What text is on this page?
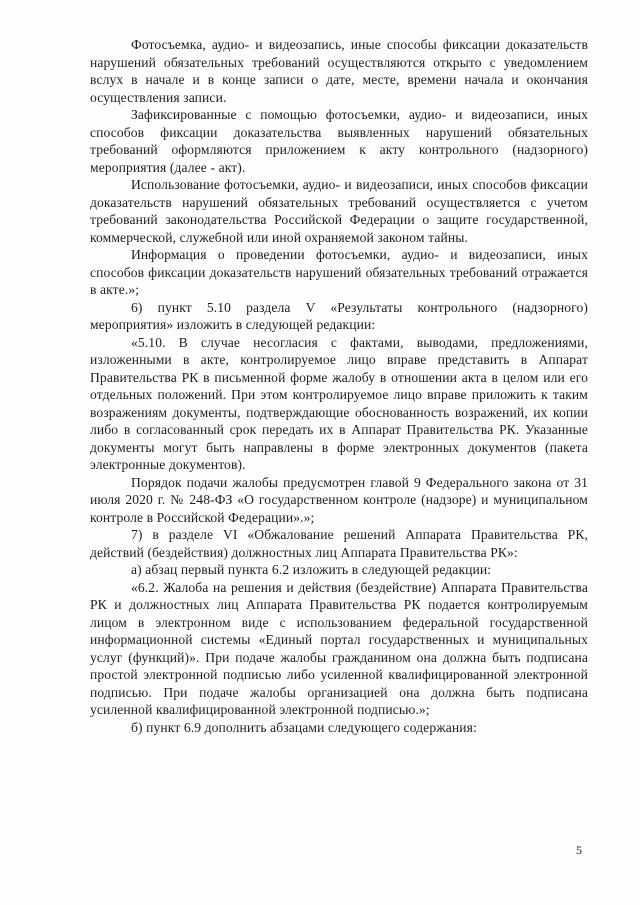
Фотосъемка, аудио- и видеозапись, иные способы фиксации доказательств нарушений обязательных требований осуществляются открыто с уведомлением вслух в начале и в конце записи о дате, месте, времени начала и окончания осуществления записи.

Зафиксированные с помощью фотосъемки, аудио- и видеозаписи, иных способов фиксации доказательства выявленных нарушений обязательных требований оформляются приложением к акту контрольного (надзорного) мероприятия (далее - акт).

Использование фотосъемки, аудио- и видеозаписи, иных способов фиксации доказательств нарушений обязательных требований осуществляется с учетом требований законодательства Российской Федерации о защите государственной, коммерческой, служебной или иной охраняемой законом тайны.

Информация о проведении фотосъемки, аудио- и видеозаписи, иных способов фиксации доказательств нарушений обязательных требований отражается в акте.»;

6) пункт 5.10 раздела V «Результаты контрольного (надзорного) мероприятия» изложить в следующей редакции:

«5.10. В случае несогласия с фактами, выводами, предложениями, изложенными в акте, контролируемое лицо вправе представить в Аппарат Правительства РК в письменной форме жалобу в отношении акта в целом или его отдельных положений. При этом контролируемое лицо вправе приложить к таким возражениям документы, подтверждающие обоснованность возражений, их копии либо в согласованный срок передать их в Аппарат Правительства РК. Указанные документы могут быть направлены в форме электронных документов (пакета электронные документов).

Порядок подачи жалобы предусмотрен главой 9 Федерального закона от 31 июля 2020 г. № 248-ФЗ «О государственном контроле (надзоре) и муниципальном контроле в Российской Федерации».»;

7) в разделе VI «Обжалование решений Аппарата Правительства РК, действий (бездействия) должностных лиц Аппарата Правительства РК»:

а) абзац первый пункта 6.2 изложить в следующей редакции:

«6.2. Жалоба на решения и действия (бездействие) Аппарата Правительства РК и должностных лиц Аппарата Правительства РК подается контролируемым лицом в электронном виде с использованием федеральной государственной информационной системы «Единый портал государственных и муниципальных услуг (функций)». При подаче жалобы гражданином она должна быть подписана простой электронной подписью либо усиленной квалифицированной электронной подписью. При подаче жалобы организацией она должна быть подписана усиленной квалифицированной электронной подписью.»;

б) пункт 6.9 дополнить абзацами следующего содержания:

5
